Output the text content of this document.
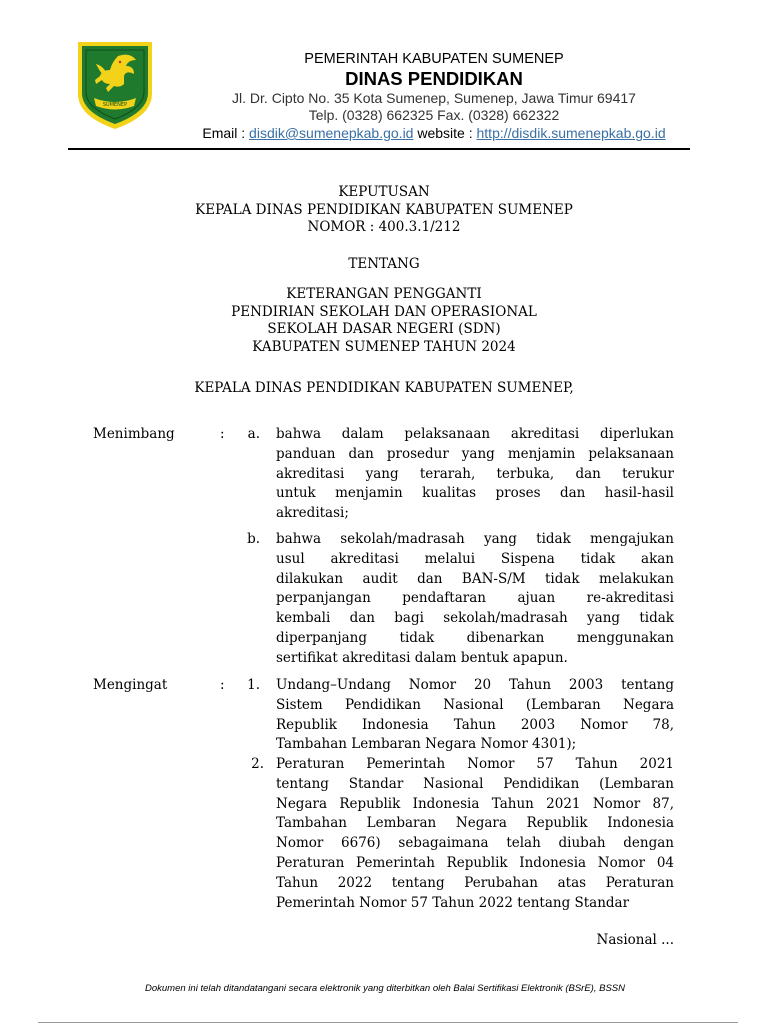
SUMENEP
PEMERINTAH KABUPATEN SUMENEP
DINAS PENDIDIKAN
Jl. Dr. Cipto No. 35 Kota Sumenep, Sumenep, Jawa Timur 69417
Telp. (0328) 662325 Fax. (0328) 662322
Email : disdik@sumenepkab.go.id website : http://disdik.sumenepkab.go.id
KEPUTUSAN
KEPALA DINAS PENDIDIKAN KABUPATEN SUMENEP
NOMOR : 400.3.1/212
TENTANG
KETERANGAN PENGGANTI
PENDIRIAN SEKOLAH DAN OPERASIONAL
SEKOLAH DASAR NEGERI (SDN)
KABUPATEN SUMENEP TAHUN 2024
KEPALA DINAS PENDIDIKAN KABUPATEN SUMENEP,
Menimbang	:	a. bahwa dalam pelaksanaan akreditasi diperlukan
panduan dan prosedur yang menjamin pelaksanaan
akreditasi yang terarah, terbuka, dan terukur
untuk menjamin kualitas proses dan hasil-hasil
akreditasi;
b. bahwa sekolah/madrasah yang tidak mengajukan
usul akreditasi melalui Sispena tidak akan
dilakukan audit dan BAN-S/M tidak melakukan
perpanjangan pendaftaran ajuan re-akreditasi
kembali dan bagi sekolah/madrasah yang tidak
diperpanjang tidak dibenarkan menggunakan
sertifikat akreditasi dalam bentuk apapun.
Mengingat	:	1. Undang–Undang Nomor 20 Tahun 2003 tentang
Sistem Pendidikan Nasional (Lembaran Negara
Republik Indonesia Tahun 2003 Nomor 78,
Tambahan Lembaran Negara Nomor 4301);
2. Peraturan Pemerintah Nomor 57 Tahun 2021
tentang Standar Nasional Pendidikan (Lembaran
Negara Republik Indonesia Tahun 2021 Nomor 87,
Tambahan Lembaran Negara Republik Indonesia
Nomor 6676) sebagaimana telah diubah dengan
Peraturan Pemerintah Republik Indonesia Nomor 04
Tahun 2022 tentang Perubahan atas Peraturan
Pemerintah Nomor 57 Tahun 2022 tentang Standar
Nasional ...
Dokumen ini telah ditandatangani secara elektronik yang diterbitkan oleh Balai Sertifikasi Elektronik (BSrE), BSSN
